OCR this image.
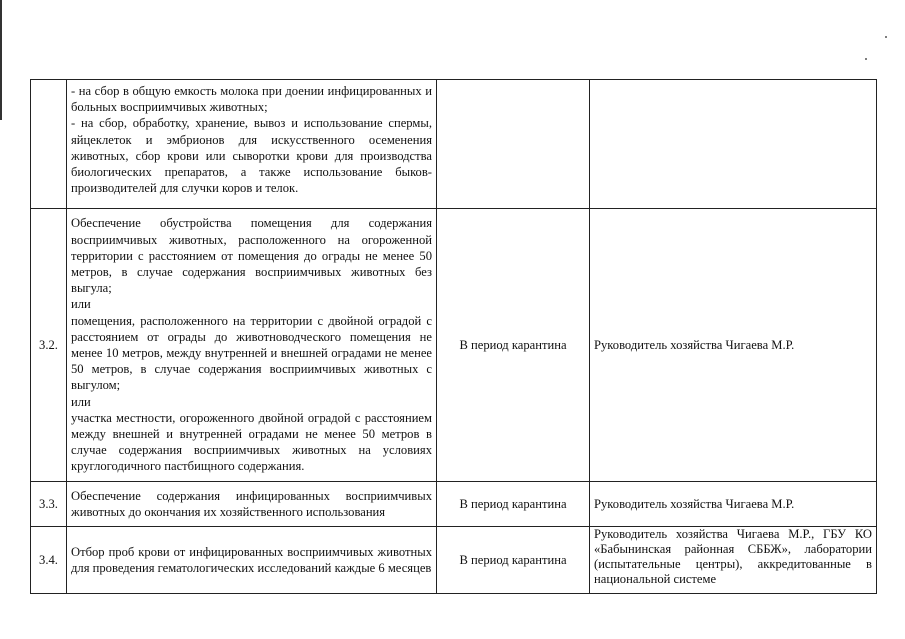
	- на сбор в общую емкость молока при доении инфицированных и больных восприимчивых животных;
- на сбор, обработку, хранение, вывоз и использование спермы, яйцеклеток и эмбрионов для искусственного осеменения животных, сбор крови или сыворотки крови для производства биологических препаратов, а также использование быков-производителей для случки коров и телок.		

3.2.	Обеспечение обустройства помещения для содержания восприимчивых животных, расположенного на огороженной территории с расстоянием от помещения до ограды не менее 50 метров, в случае содержания восприимчивых животных без выгула;
или
помещения, расположенного на территории с двойной оградой с расстоянием от ограды до животноводческого помещения не менее 10 метров, между внутренней и внешней оградами не менее 50 метров, в случае содержания восприимчивых животных с выгулом;
или
участка местности, огороженного двойной оградой с расстоянием между внешней и внутренней оградами не менее 50 метров в случае содержания восприимчивых животных на условиях круглогодичного пастбищного содержания.	В период карантина	Руководитель хозяйства Чигаева М.Р.
3.3.	Обеспечение содержания инфицированных восприимчивых животных до окончания их хозяйственного использования	В период карантина	Руководитель хозяйства Чигаева М.Р.
3.4.	Отбор проб крови от инфицированных восприимчивых животных для проведения гематологических исследований каждые 6 месяцев	В период карантина	Руководитель хозяйства Чигаева М.Р., ГБУ КО «Бабынинская районная СББЖ», лаборатории (испытательные центры), аккредитованные в национальной системе
